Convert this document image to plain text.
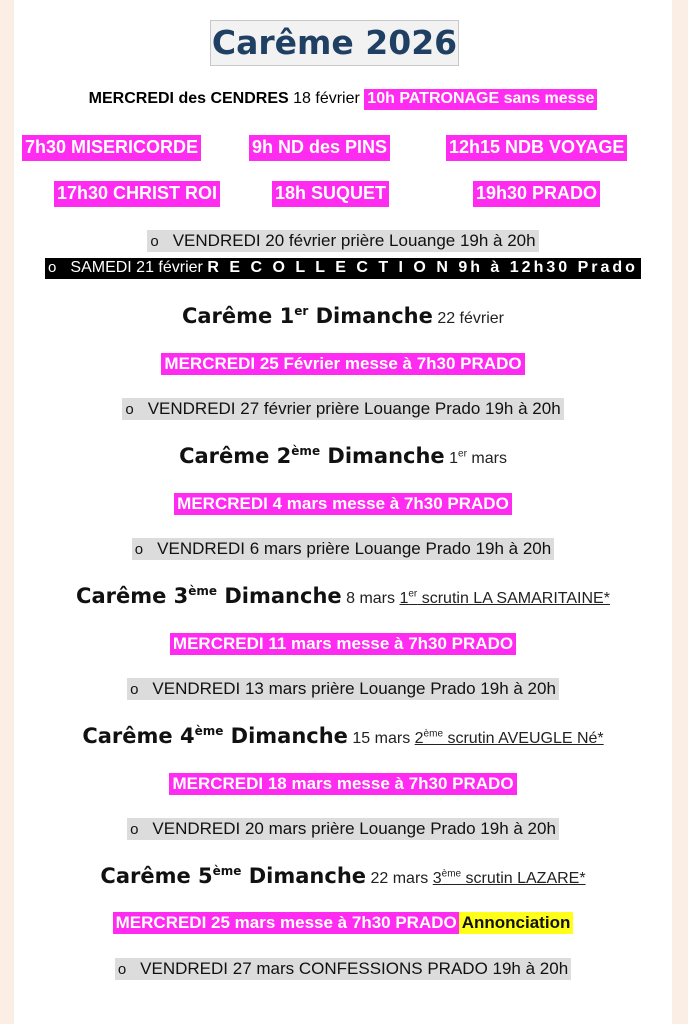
Carême 2026
MERCREDI des CENDRES 18 février 10h PATRONAGE sans messe
7h30 MISERICORDE	9h ND des PINS	12h15 NDB VOYAGE
17h30 CHRIST ROI	18h SUQUET	19h30 PRADO
o VENDREDI 20 février prière Louange 19h à 20h
o SAMEDI 21 février R E C O L L E C T I O N 9h à 12h30 Prado
Carême 1er Dimanche 22 février
MERCREDI 25 Février messe à 7h30 PRADO
o VENDREDI 27 février prière Louange Prado 19h à 20h
Carême 2ème Dimanche 1er mars
MERCREDI 4 mars messe à 7h30 PRADO
o VENDREDI 6 mars prière Louange Prado 19h à 20h
Carême 3ème Dimanche 8 mars 1er scrutin LA SAMARITAINE*
MERCREDI 11 mars messe à 7h30 PRADO
o VENDREDI 13 mars prière Louange Prado 19h à 20h
Carême 4ème Dimanche 15 mars 2ème scrutin AVEUGLE Né*
MERCREDI 18 mars messe à 7h30 PRADO
o VENDREDI 20 mars prière Louange Prado 19h à 20h
Carême 5ème Dimanche 22 mars 3ème scrutin LAZARE*
MERCREDI 25 mars messe à 7h30 PRADO Annonciation
o VENDREDI 27 mars CONFESSIONS PRADO 19h à 20h
